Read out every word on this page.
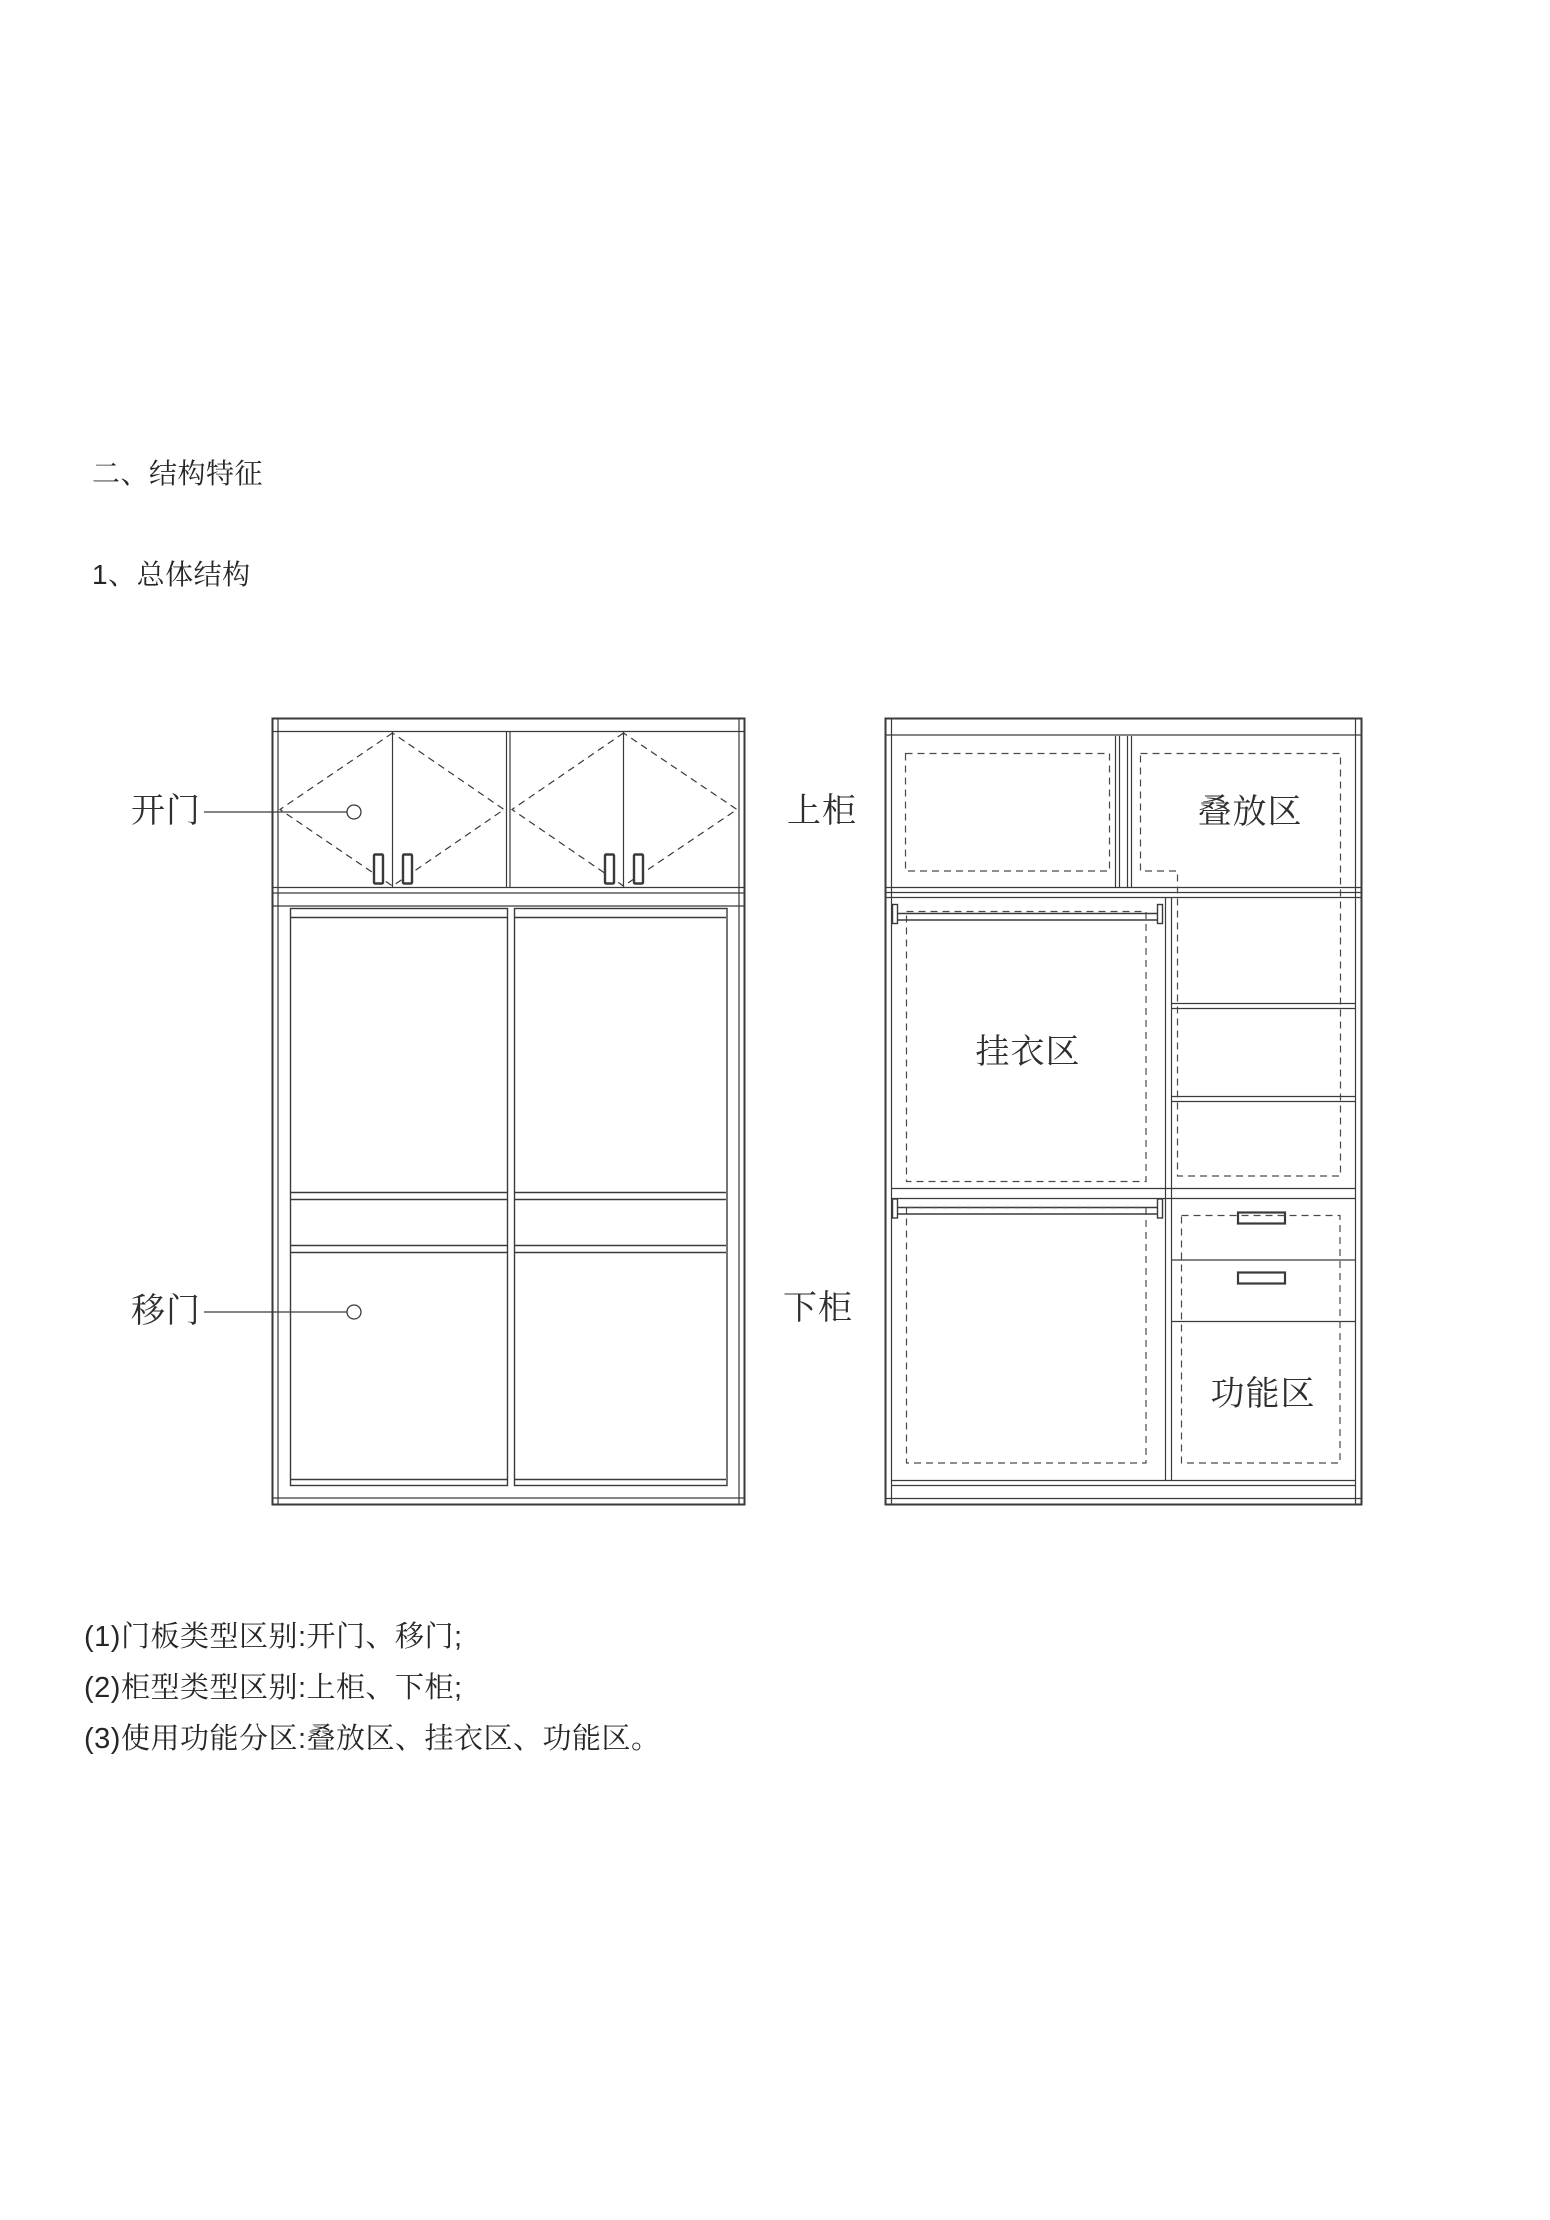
二、结构特征
1、总体结构
开门
移门
上柜
下柜
叠放区
挂衣区
功能区
(1)门板类型区别:开门、移门;
(2)柜型类型区别:上柜、下柜;
(3)使用功能分区:叠放区、挂衣区、功能区。
